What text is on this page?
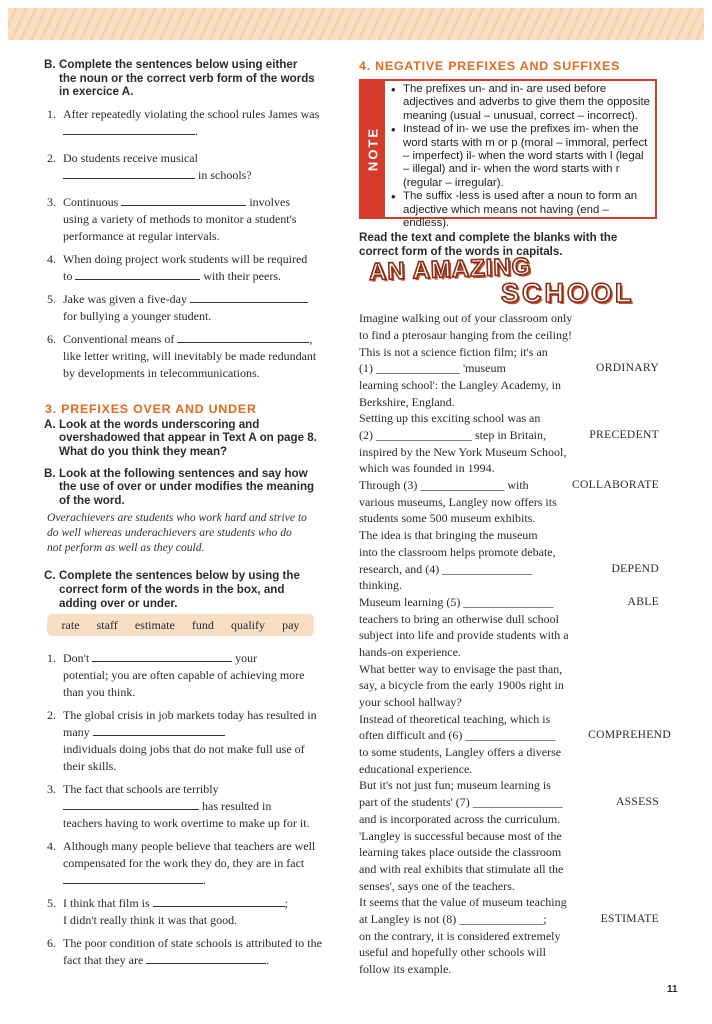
B. Complete the sentences below using either the noun or the correct verb form of the words in exercice A.
1. After repeatedly violating the school rules James was
.
2. Do students receive musical
in schools?
3. Continuous	involves
using a variety of methods to monitor a student's performance at regular intervals.
4. When doing project work students will be required
to	with their peers.
5. Jake was given a five-day
for bullying a younger student.
6. Conventional means of	,
like letter writing, will inevitably be made redundant by developments in telecommunications.
3. PREFIXES OVER AND UNDER
A. Look at the words underscoring and overshadowed that appear in Text A on page 8. What do you think they mean?
B. Look at the following sentences and say how the use of over or under modifies the meaning of the word.

Overachievers are students who work hard and strive to do well whereas underachievers are students who do not perform as well as they could.

C. Complete the sentences below by using the correct form of the words in the box, and adding over or under.
rate staff estimate fund qualify pay
1. Don't	your
potential; you are often capable of achieving more than you think.
2. The global crisis in job markets today has resulted in many
individuals doing jobs that do not make full use of their skills.
3. The fact that schools are terribly
has resulted in
teachers having to work overtime to make up for it.
4. Although many people believe that teachers are well compensated for the work they do, they are in fact .
5. I think that film is	;
I didn't really think it was that good.
6. The poor condition of state schools is attributed to the fact that they are	.
4. NEGATIVE PREFIXES AND SUFFIXES
NOTE
• The prefixes un- and in- are used before adjectives and adverbs to give them the opposite meaning (usual – unusual, correct – incorrect).
• Instead of in- we use the prefixes im- when the word starts with m or p (moral – immoral, perfect – imperfect) il- when the word starts with l (legal – illegal) and ir- when the word starts with r (regular – irregular).
• The suffix -less is used after a noun to form an adjective which means not having (end – endless).

Read the text and complete the blanks with the correct form of the words in capitals.

AN AMAZING
SCHOOL
Imagine walking out of your classroom only
to find a pterosaur hanging from the ceiling!
This is not a science fiction film; it's an
(1) ______________ 'museum	ORDINARY
learning school': the Langley Academy, in
Berkshire, England.
Setting up this exciting school was an
(2) ________________ step in Britain,	PRECEDENT
inspired by the New York Museum School,
which was founded in 1994.
Through (3) ______________ with	COLLABORATE
various museums, Langley now offers its
students some 500 museum exhibits.
The idea is that bringing the museum
into the classroom helps promote debate,
research, and (4) _______________	DEPEND
thinking.
Museum learning (5) _______________	ABLE
teachers to bring an otherwise dull school
subject into life and provide students with a
hands-on experience.
What better way to envisage the past than,
say, a bicycle from the early 1900s right in
your school hallway?
Instead of theoretical teaching, which is
often difficult and (6) _______________	COMPREHEND
to some students, Langley offers a diverse
educational experience.
But it's not just fun; museum learning is
part of the students' (7) _______________	ASSESS
and is incorporated across the curriculum.
'Langley is successful because most of the
learning takes place outside the classroom
and with real exhibits that stimulate all the
senses', says one of the teachers.
It seems that the value of museum teaching
at Langley is not (8) ______________;	ESTIMATE
on the contrary, it is considered extremely
useful and hopefully other schools will
follow its example.
11
